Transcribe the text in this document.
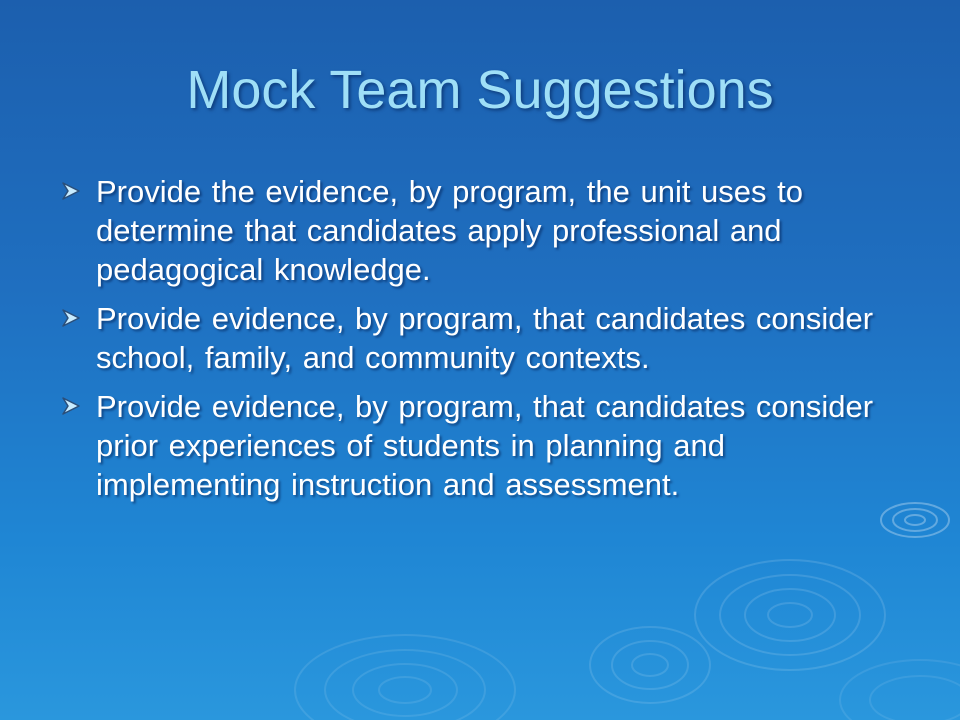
Mock Team Suggestions
Provide the evidence, by program, the unit uses to determine that candidates apply professional and pedagogical knowledge.
Provide evidence, by program, that candidates consider school, family, and community contexts.
Provide evidence, by program, that candidates consider prior experiences of students in planning and implementing instruction and assessment.
